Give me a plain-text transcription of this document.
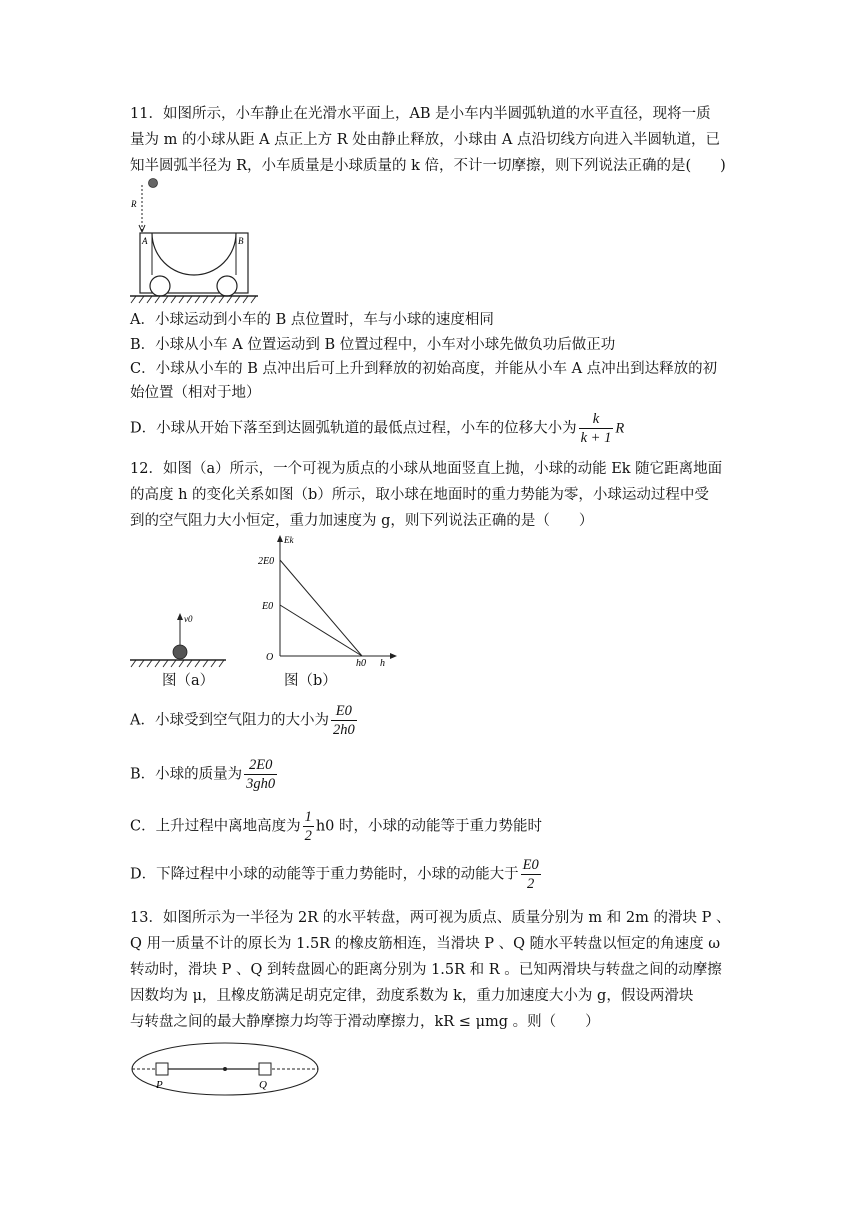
11．如图所示，小车静止在光滑水平面上，AB 是小车内半圆弧轨道的水平直径，现将一质
量为 m 的小球从距 A 点正上方 R 处由静止释放，小球由 A 点沿切线方向进入半圆轨道，已
知半圆弧半径为 R，小车质量是小球质量的 k 倍，不计一切摩擦，则下列说法正确的是(　　)
R
A	B
A．小球运动到小车的 B 点位置时，车与小球的速度相同
B．小球从小车 A 位置运动到 B 位置过程中，小车对小球先做负功后做正功
C．小球从小车的 B 点冲出后可上升到释放的初始高度，并能从小车 A 点冲出到达释放的初
始位置（相对于地）
D．小球从开始下落至到达圆弧轨道的最低点过程，小车的位移大小为 $\frac{k}{k + 1}$ R
12．如图（a）所示，一个可视为质点的小球从地面竖直上抛，小球的动能 Ek 随它距离地面
的高度 h 的变化关系如图（b）所示，取小球在地面时的重力势能为零，小球运动过程中受
到的空气阻力大小恒定，重力加速度为 g，则下列说法正确的是（　　）
v0
图（a）
Ek
2E0
E0
O
h0 h
图（b）
A．小球受到空气阻力的大小为 $\frac{E0}{2h0}$
B．小球的质量为 $\frac{2E0}{3gh0}$
C．上升过程中离地高度为 $\frac{1}{2} h0$ 时，小球的动能等于重力势能时
D．下降过程中小球的动能等于重力势能时，小球的动能大于 $\frac{E0}{2}$
13．如图所示为一半径为 2R 的水平转盘，两可视为质点、质量分别为 m 和 2m 的滑块 P 、
Q 用一质量不计的原长为 1.5R 的橡皮筋相连，当滑块 P 、Q 随水平转盘以恒定的角速度 ω
转动时，滑块 P 、Q 到转盘圆心的距离分别为 1.5R 和 R 。已知两滑块与转盘之间的动摩擦
因数均为 μ，且橡皮筋满足胡克定律，劲度系数为 k，重力加速度大小为 g，假设两滑块
与转盘之间的最大静摩擦力均等于滑动摩擦力，kR ≤ μmg 。则（　　）
P	Q
